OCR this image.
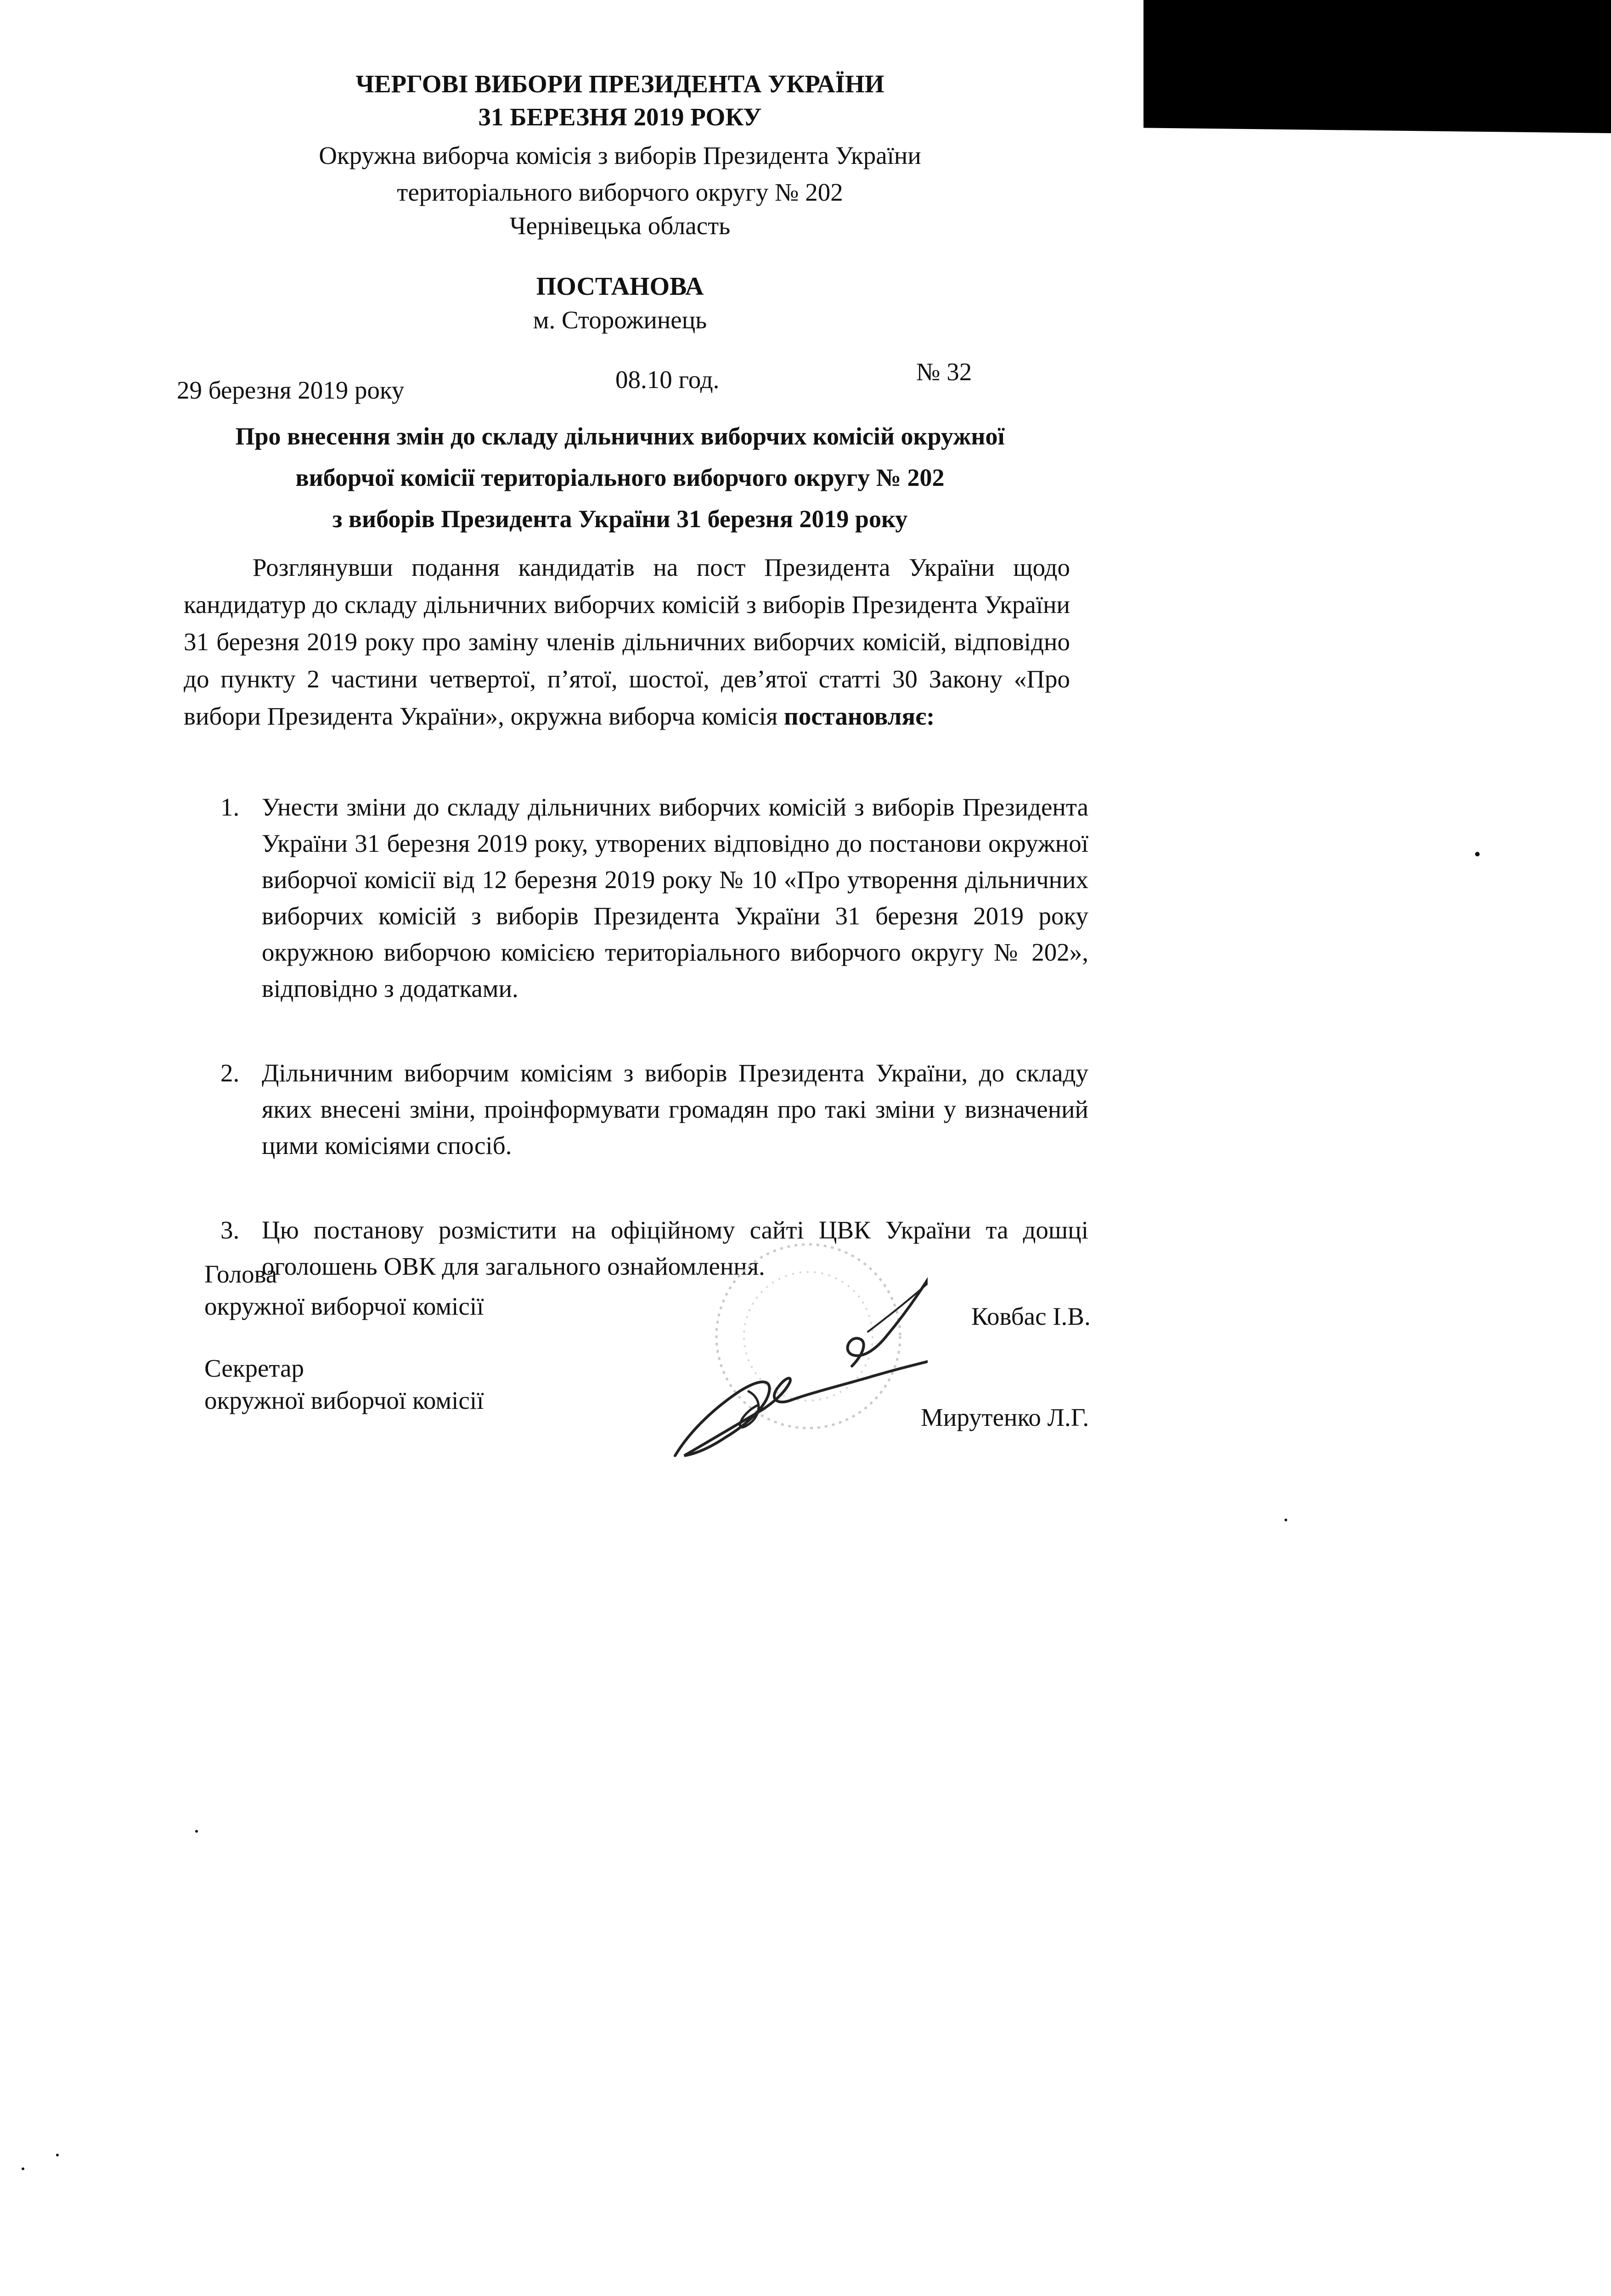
ЧЕРГОВІ ВИБОРИ ПРЕЗИДЕНТА УКРАЇНИ
31 БЕРЕЗНЯ 2019 РОКУ
Окружна виборча комісія з виборів Президента України
територіального виборчого округу № 202
Чернівецька область
ПОСТАНОВА
м. Сторожинець
29 березня 2019 року	08.10 год.	№ 32
Про внесення змін до складу дільничних виборчих комісій окружної
виборчої комісії територіального виборчого округу № 202
з виборів Президента України 31 березня 2019 року
Розглянувши подання кандидатів на пост Президента України щодо кандидатур до складу дільничних виборчих комісій з виборів Президента України 31 березня 2019 року про заміну членів дільничних виборчих комісій, відповідно до пункту 2 частини четвертої, п’ятої, шостої, дев’ятої статті 30 Закону «Про вибори Президента України», окружна виборча комісія постановляє:

1. Унести зміни до складу дільничних виборчих комісій з виборів Президента України 31 березня 2019 року, утворених відповідно до постанови окружної виборчої комісії від 12 березня 2019 року № 10 «Про утворення дільничних виборчих комісій з виборів Президента України 31 березня 2019 року окружною виборчою комісією територіального виборчого округу № 202», відповідно з додатками.

2. Дільничним виборчим комісіям з виборів Президента України, до складу яких внесені зміни, проінформувати громадян про такі зміни у визначений цими комісіями спосіб.

3. Цю постанову розмістити на офіційному сайті ЦВК України та дошці оголошень ОВК для загального ознайомлення.

Голова
окружної виборчої комісії	Ковбас І.В.
Секретар
окружної виборчої комісії
Мирутенко Л.Г.
